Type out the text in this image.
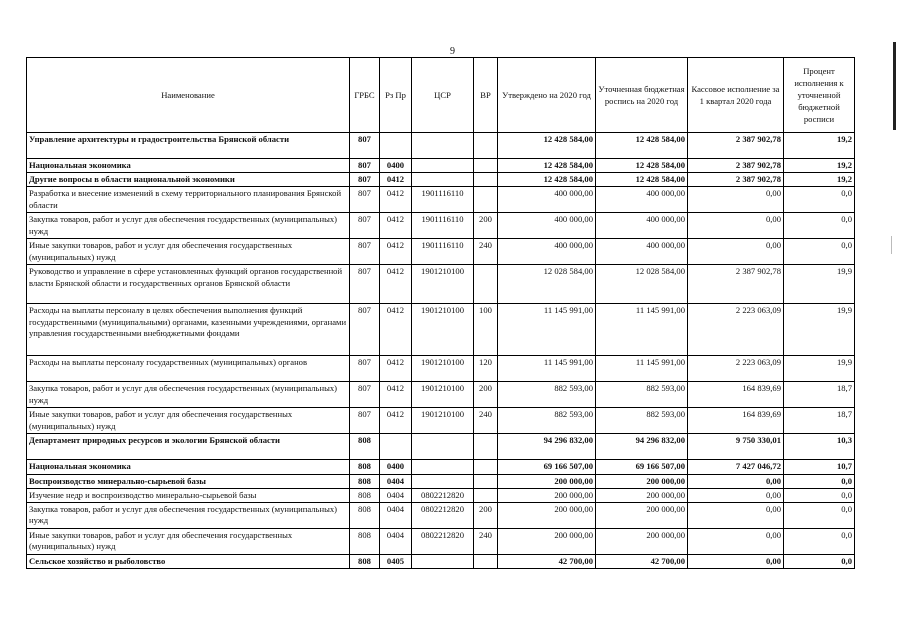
9
Наименование	ГРБС	Рз Пр	ЦСР	ВР	Утверждено на 2020 год	Уточненная бюджетная роспись на 2020 год	Кассовое исполнение за 1 квартал 2020 года	Процент исполнения к уточненной бюджетной росписи
Управление архитектуры и градостроительства Брянской области	807				12 428 584,00	12 428 584,00	2 387 902,78	19,2
Национальная экономика	807	0400			12 428 584,00	12 428 584,00	2 387 902,78	19,2
Другие вопросы в области национальной экономики	807	0412			12 428 584,00	12 428 584,00	2 387 902,78	19,2
Разработка и внесение изменений в схему территориального планирования Брянской области	807	0412	1901116110		400 000,00	400 000,00	0,00	0,0
Закупка товаров, работ и услуг для обеспечения государственных (муниципальных) нужд	807	0412	1901116110	200	400 000,00	400 000,00	0,00	0,0
Иные закупки товаров, работ и услуг для обеспечения государственных (муниципальных) нужд	807	0412	1901116110	240	400 000,00	400 000,00	0,00	0,0
Руководство и управление в сфере установленных функций органов государственной власти Брянской области и государственных органов Брянской области	807	0412	1901210100		12 028 584,00	12 028 584,00	2 387 902,78	19,9
Расходы на выплаты персоналу в целях обеспечения выполнения функций государственными (муниципальными) органами, казенными учреждениями, органами управления государственными внебюджетными фондами	807	0412	1901210100	100	11 145 991,00	11 145 991,00	2 223 063,09	19,9
Расходы на выплаты персоналу государственных (муниципальных) органов	807	0412	1901210100	120	11 145 991,00	11 145 991,00	2 223 063,09	19,9
Закупка товаров, работ и услуг для обеспечения государственных (муниципальных) нужд	807	0412	1901210100	200	882 593,00	882 593,00	164 839,69	18,7
Иные закупки товаров, работ и услуг для обеспечения государственных (муниципальных) нужд	807	0412	1901210100	240	882 593,00	882 593,00	164 839,69	18,7
Департамент природных ресурсов и экологии Брянской области	808				94 296 832,00	94 296 832,00	9 750 330,01	10,3
Национальная экономика	808	0400			69 166 507,00	69 166 507,00	7 427 046,72	10,7
Воспроизводство минерально-сырьевой базы	808	0404			200 000,00	200 000,00	0,00	0,0
Изучение недр и воспроизводство минерально-сырьевой базы	808	0404	0802212820		200 000,00	200 000,00	0,00	0,0
Закупка товаров, работ и услуг для обеспечения государственных (муниципальных) нужд	808	0404	0802212820	200	200 000,00	200 000,00	0,00	0,0
Иные закупки товаров, работ и услуг для обеспечения государственных (муниципальных) нужд	808	0404	0802212820	240	200 000,00	200 000,00	0,00	0,0
Сельское хозяйство и рыболовство	808	0405			42 700,00	42 700,00	0,00	0,0
